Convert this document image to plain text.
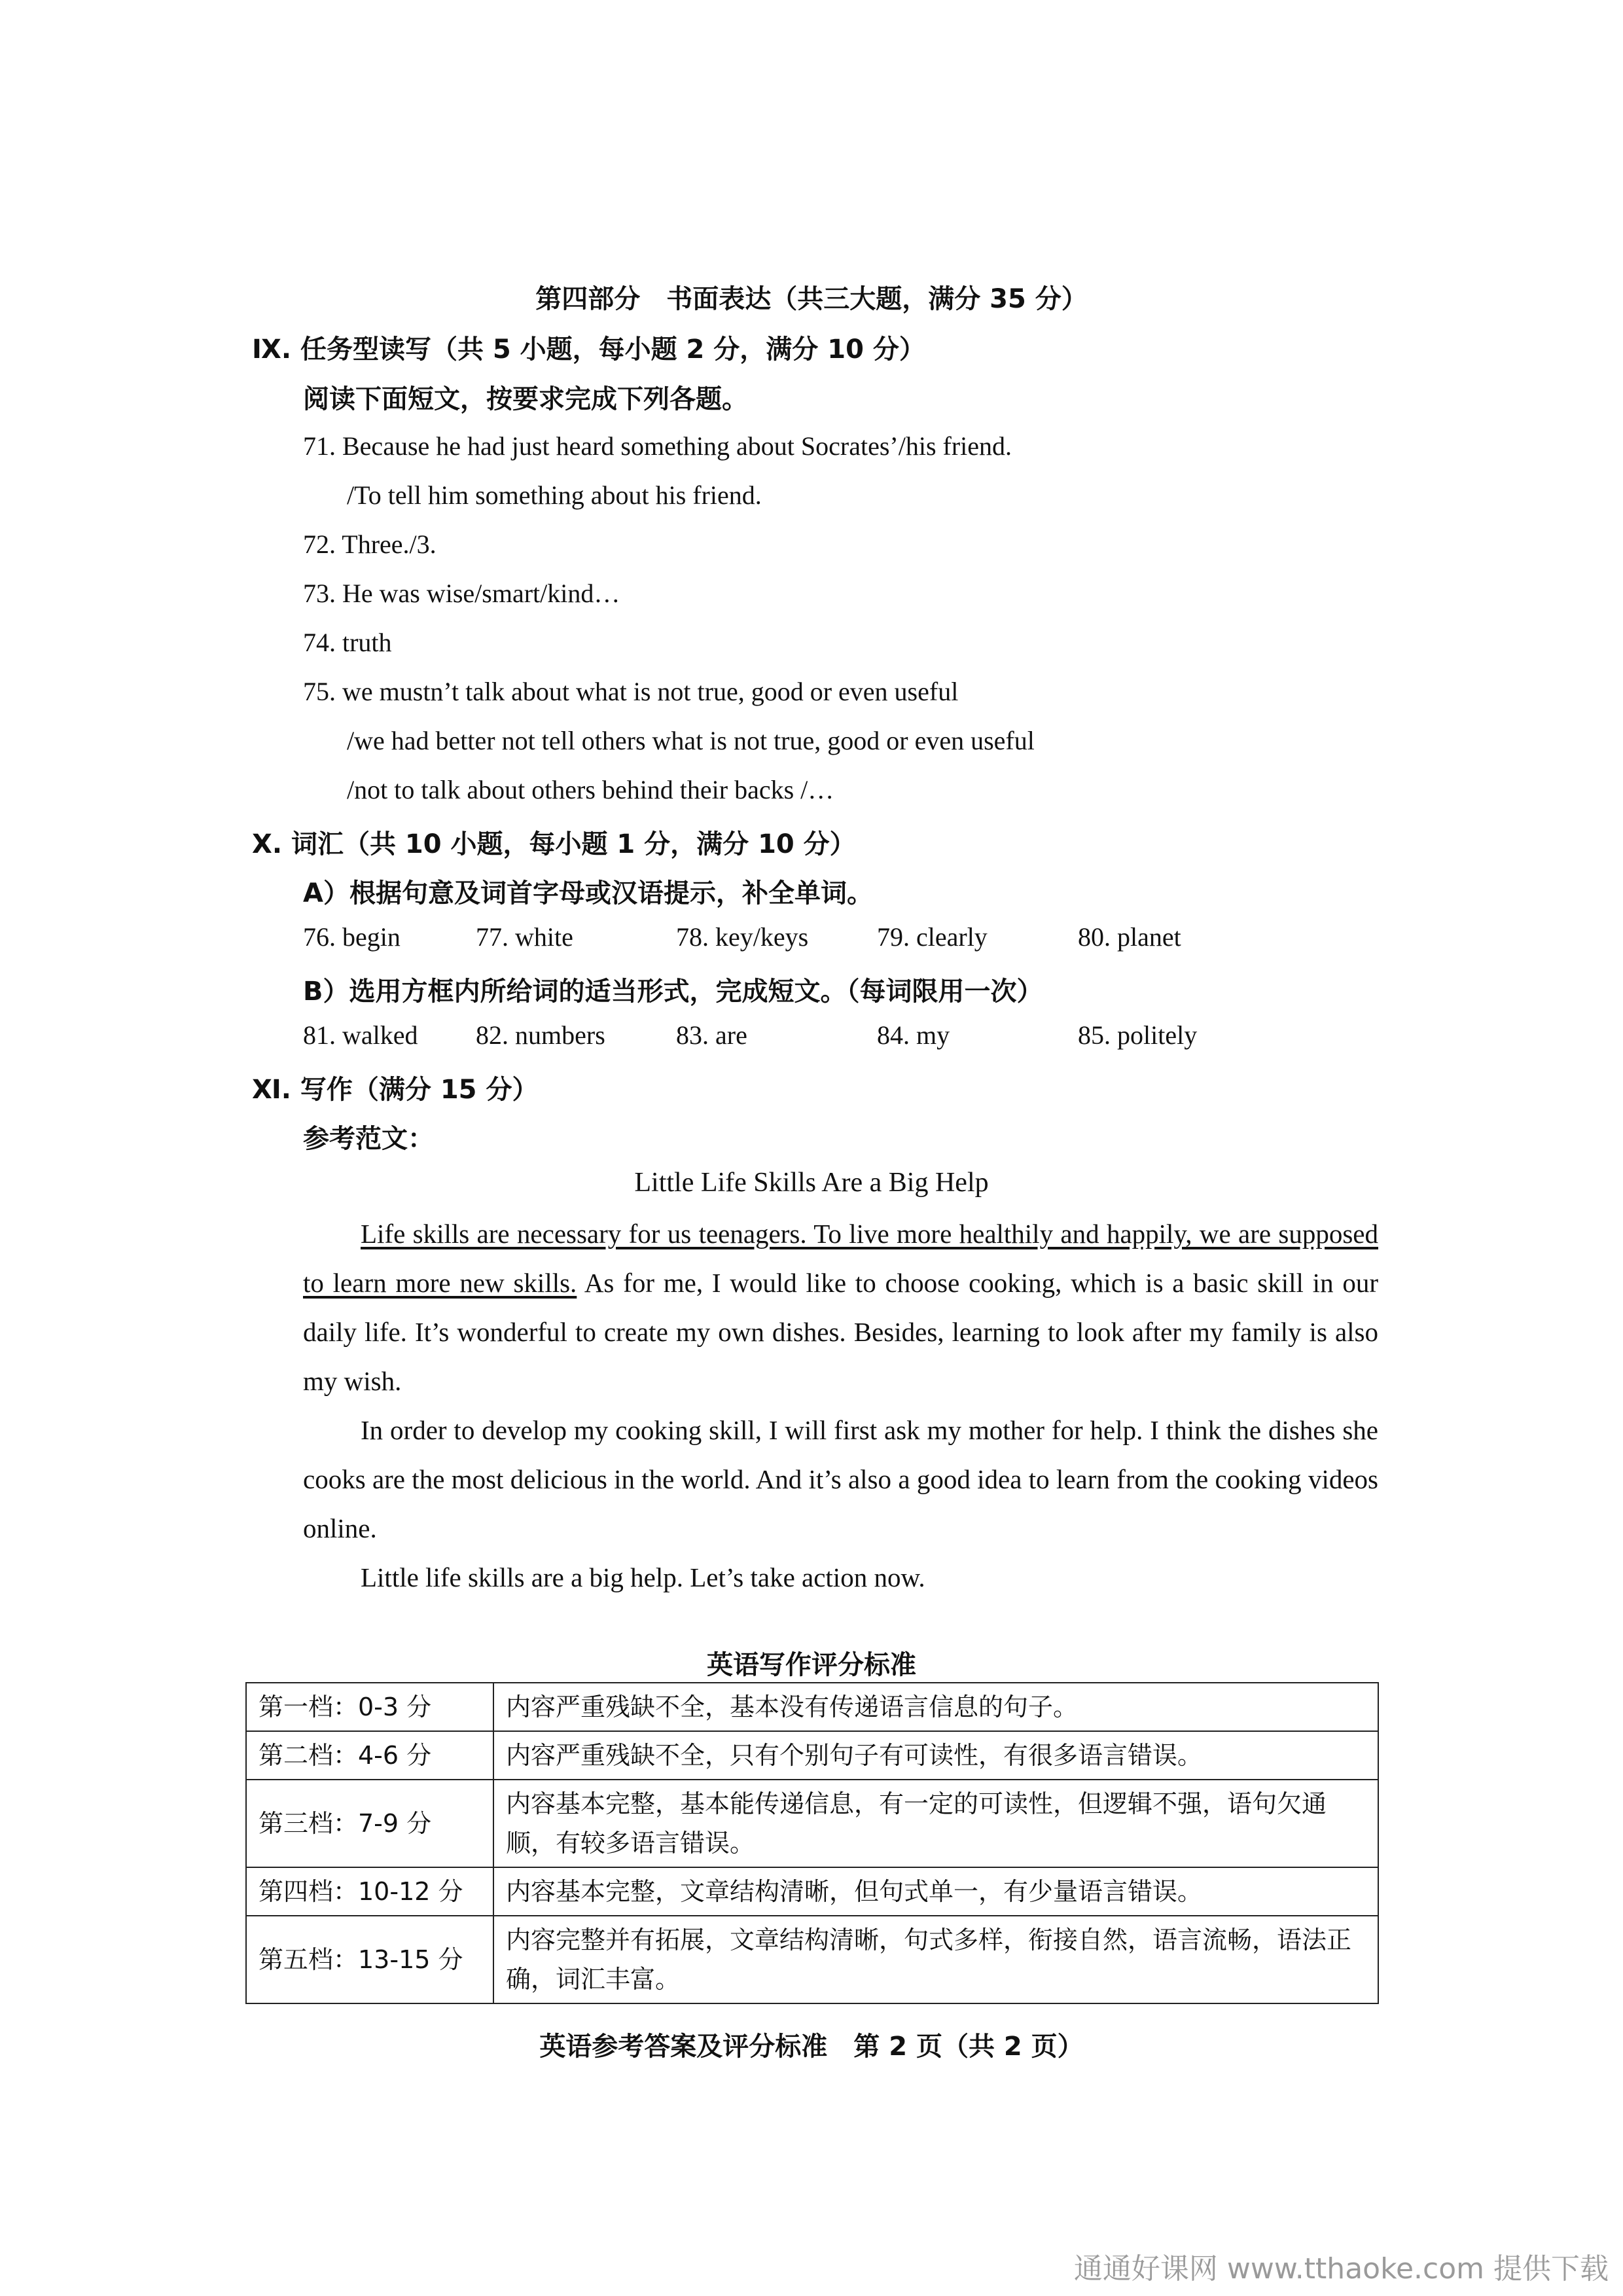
第四部分　书面表达（共三大题，满分 35 分）
Ⅸ. 任务型读写（共 5 小题，每小题 2 分，满分 10 分）
阅读下面短文，按要求完成下列各题。
71. Because he had just heard something about Socrates’/his friend.
/To tell him something about his friend.
72. Three./3.
73. He was wise/smart/kind…
74. truth
75. we mustn’t talk about what is not true, good or even useful
/we had better not tell others what is not true, good or even useful
/not to talk about others behind their backs /…
Ⅹ. 词汇（共 10 小题，每小题 1 分，满分 10 分）
A）根据句意及词首字母或汉语提示，补全单词。
76. begin	77. white	78. key/keys	79. clearly	80. planet
B）选用方框内所给词的适当形式，完成短文。（每词限用一次）
81. walked 82. numbers	83. are	84. my	85. politely
Ⅺ. 写作（满分 15 分）
参考范文：
Little Life Skills Are a Big Help
Life skills are necessary for us teenagers. To live more healthily and happily, we are supposed to learn more new skills. As for me, I would like to choose cooking, which is a basic skill in our daily life. It’s wonderful to create my own dishes. Besides, learning to look after my family is also my wish.
In order to develop my cooking skill, I will first ask my mother for help. I think the dishes she cooks are the most delicious in the world. And it’s also a good idea to learn from the cooking videos online.
Little life skills are a big help. Let’s take action now.
英语写作评分标准
第一档：0-3 分	内容严重残缺不全，基本没有传递语言信息的句子。
第二档：4-6 分	内容严重残缺不全，只有个别句子有可读性，有很多语言错误。
第三档：7-9 分	内容基本完整，基本能传递信息，有一定的可读性，但逻辑不强，语句欠通顺，有较多语言错误。
第四档：10-12 分	内容基本完整，文章结构清晰，但句式单一，有少量语言错误。
第五档：13-15 分	内容完整并有拓展，文章结构清晰，句式多样，衔接自然，语言流畅，语法正确，词汇丰富。
英语参考答案及评分标准　第 2 页（共 2 页）
通通好课网 www.tthaoke.com 提供下载
